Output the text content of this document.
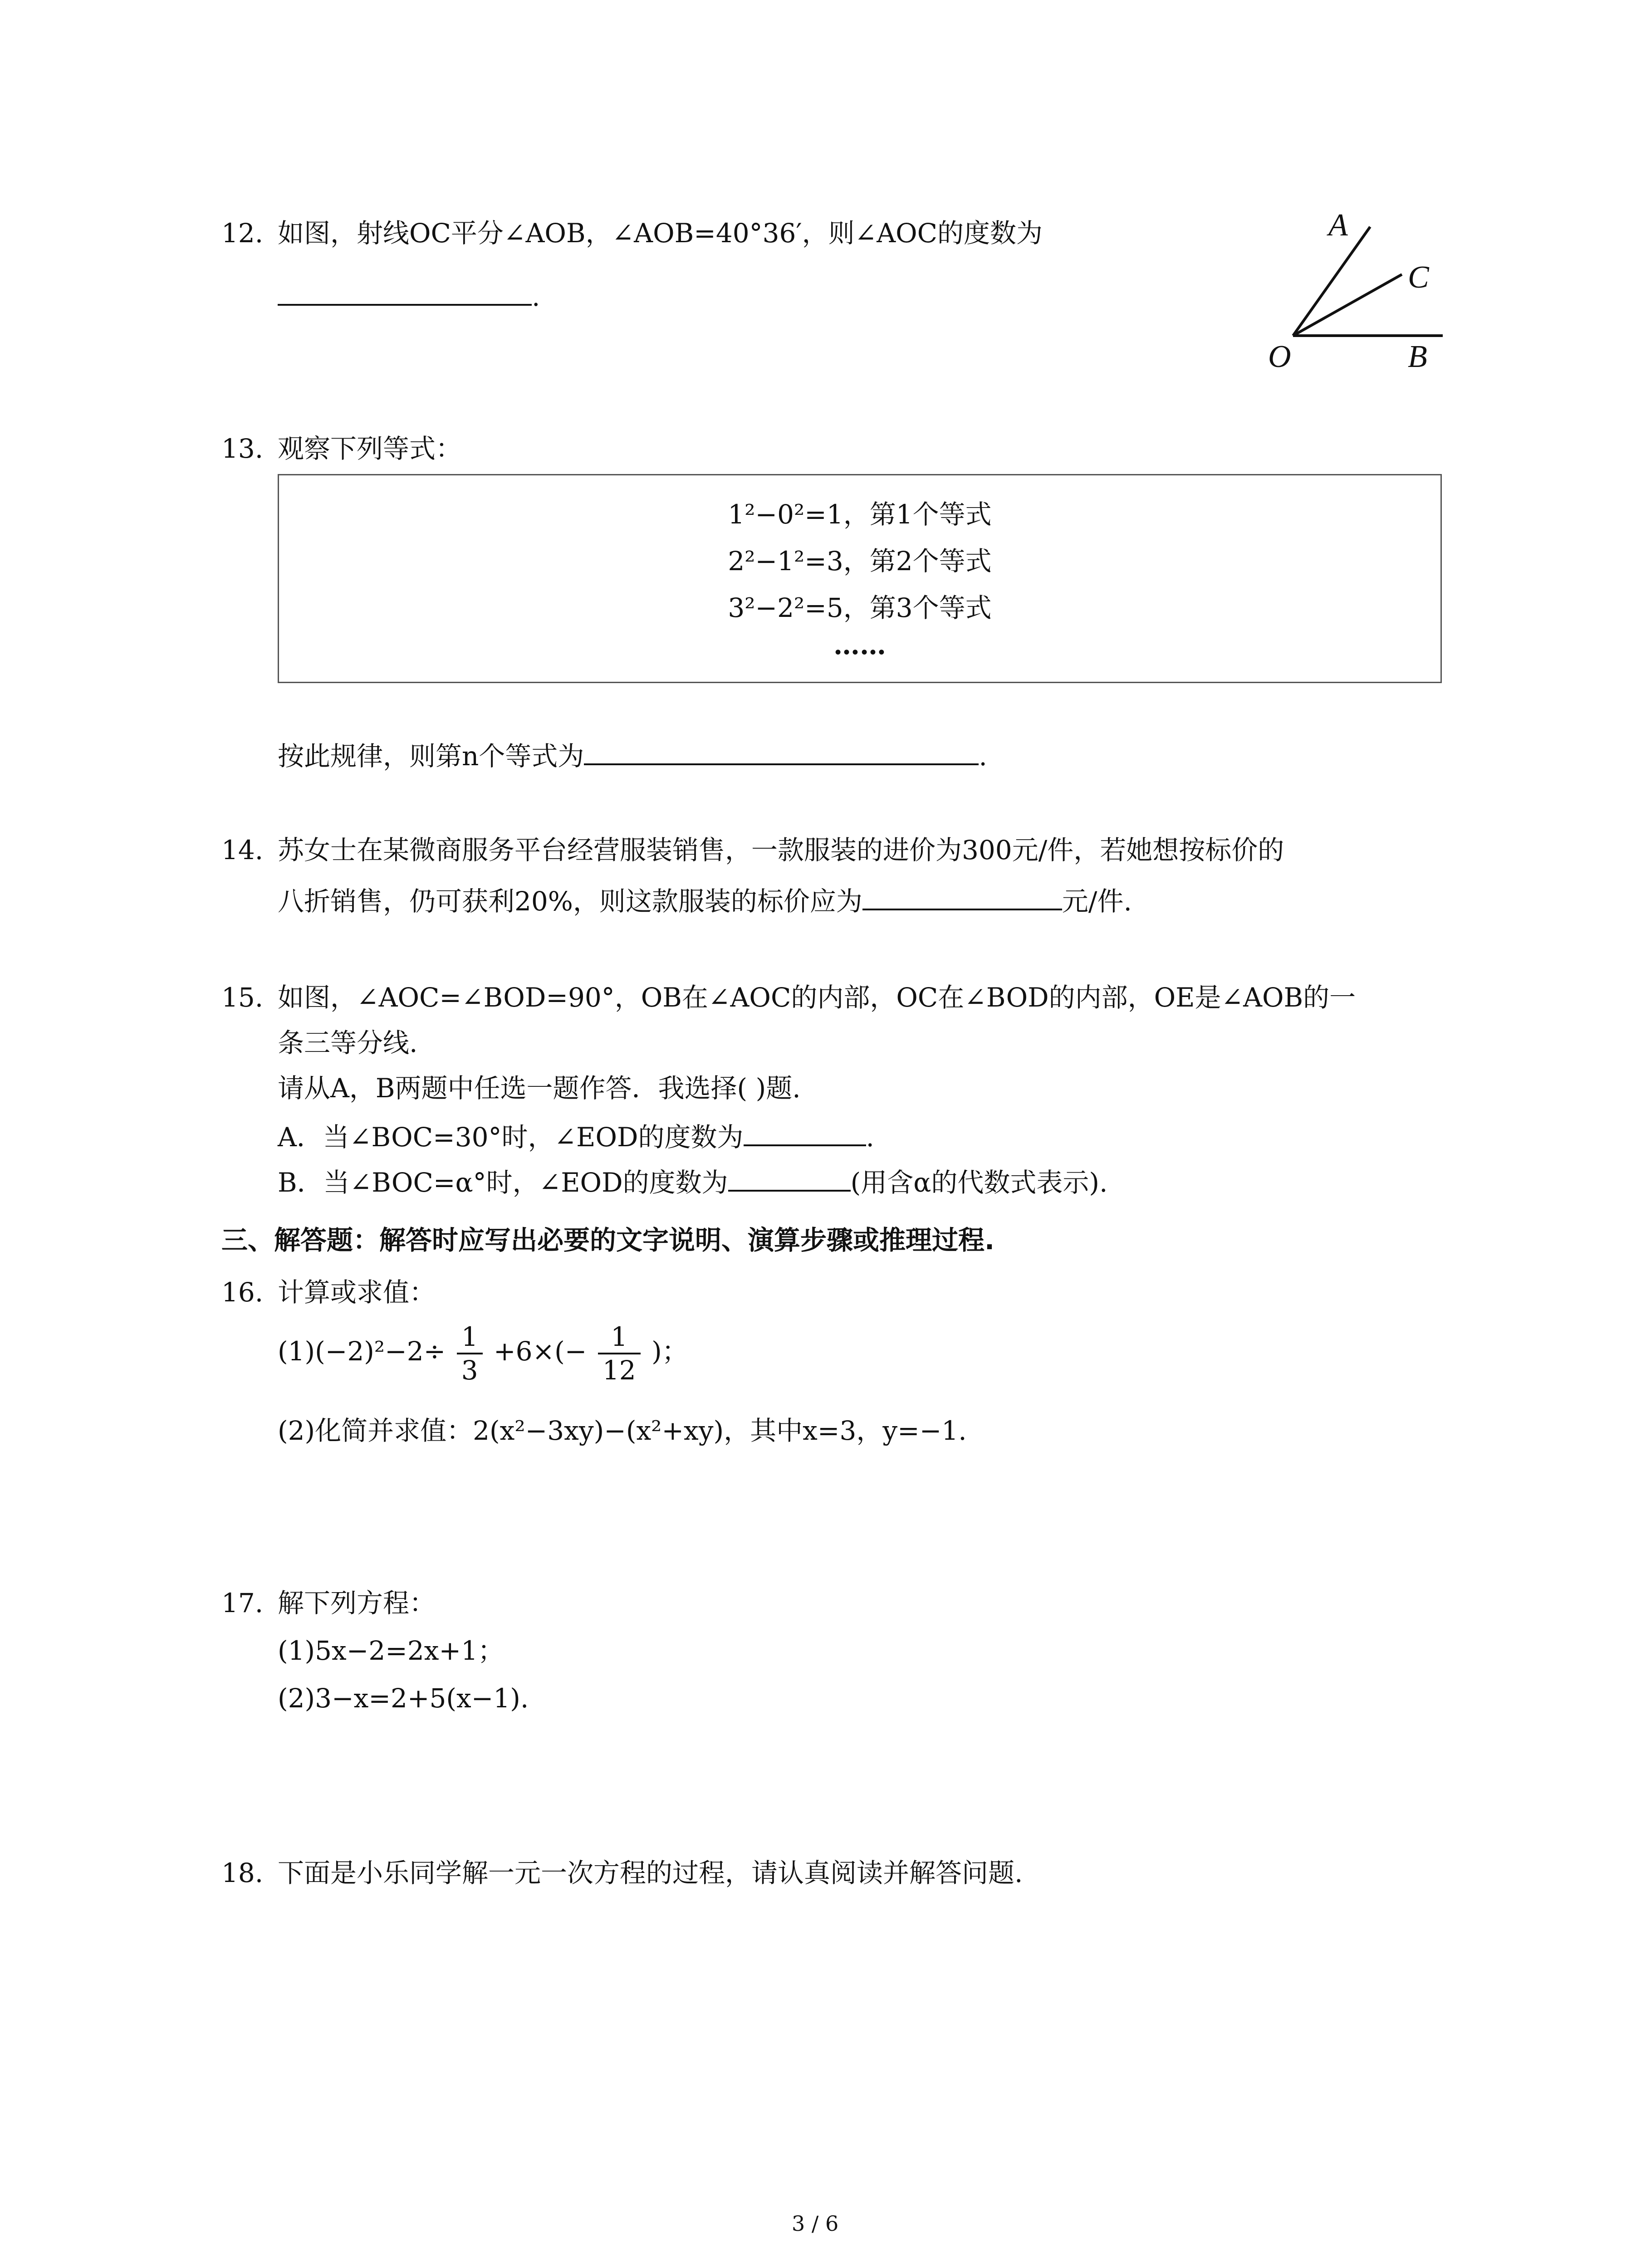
12. 如图，射线OC平分∠AOB，∠AOB=40°36′，则∠AOC的度数为
.
A
C
O	B
13. 观察下列等式：
1²−0²=1，第1个等式
2²−1²=3，第2个等式
3²−2²=5，第3个等式
……
按此规律，则第n个等式为	.
14. 苏女士在某微商服务平台经营服装销售，一款服装的进价为300元/件，若她想按标价的
八折销售，仍可获利20%，则这款服装的标价应为	元/件.
15. 如图，∠AOC=∠BOD=90°，OB在∠AOC的内部，OC在∠BOD的内部，OE是∠AOB的一
条三等分线.
请从A，B两题中任选一题作答．我选择( )题.
A．当∠BOC=30°时，∠EOD的度数为	.
B．当∠BOC=α°时，∠EOD的度数为	(用含α的代数式表示).
三、解答题：解答时应写出必要的文字说明、演算步骤或推理过程.
16. 计算或求值：
$(1)(-2)^2-2\div \frac{1}{3} +6\times(- \frac{1}{12}$ )；
(2)化简并求值：2(x²−3xy)−(x²+xy)，其中x=3，y=−1.
17. 解下列方程：
(1)5x−2=2x+1；
(2)3−x=2+5(x−1).
18. 下面是小乐同学解一元一次方程的过程，请认真阅读并解答问题.
3 / 6
